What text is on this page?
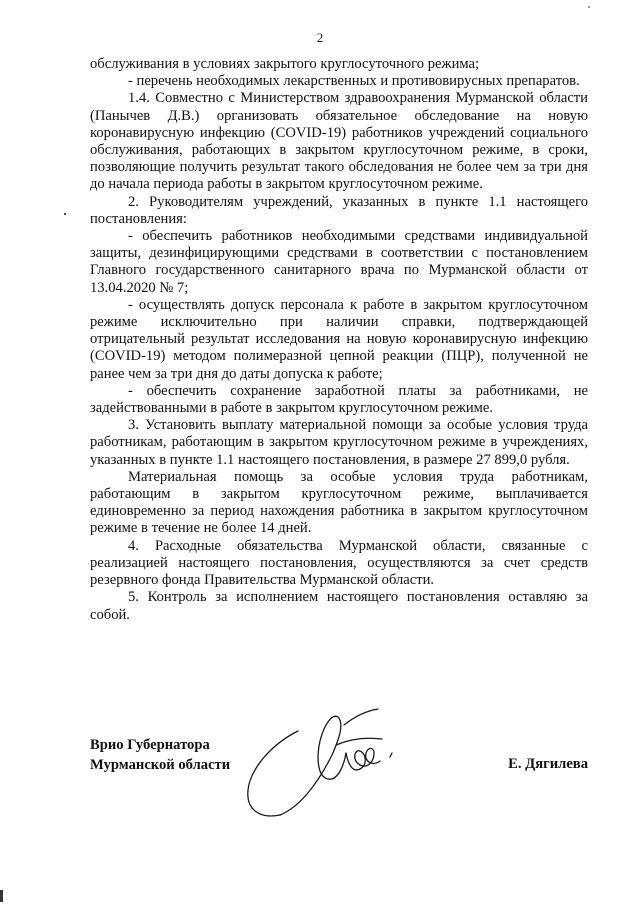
2

обслуживания в условиях закрытого круглосуточного режима;

- перечень необходимых лекарственных и противовирусных препаратов.

1.4. Совместно с Министерством здравоохранения Мурманской области (Панычев Д.В.) организовать обязательное обследование на новую коронавирусную инфекцию (COVID-19) работников учреждений социального обслуживания, работающих в закрытом круглосуточном режиме, в сроки, позволяющие получить результат такого обследования не более чем за три дня до начала периода работы в закрытом круглосуточном режиме.

2. Руководителям учреждений, указанных в пункте 1.1 настоящего постановления:

- обеспечить работников необходимыми средствами индивидуальной защиты, дезинфицирующими средствами в соответствии с постановлением Главного государственного санитарного врача по Мурманской области от 13.04.2020 № 7;

- осуществлять допуск персонала к работе в закрытом круглосуточном режиме исключительно при наличии справки, подтверждающей отрицательный результат исследования на новую коронавирусную инфекцию (COVID-19) методом полимеразной цепной реакции (ПЦР), полученной не ранее чем за три дня до даты допуска к работе;

- обеспечить сохранение заработной платы за работниками, не задействованными в работе в закрытом круглосуточном режиме.

3. Установить выплату материальной помощи за особые условия труда работникам, работающим в закрытом круглосуточном режиме в учреждениях, указанных в пункте 1.1 настоящего постановления, в размере 27 899,0 рубля.

Материальная помощь за особые условия труда работникам, работающим в закрытом круглосуточном режиме, выплачивается единовременно за период нахождения работника в закрытом круглосуточном режиме в течение не более 14 дней.

4. Расходные обязательства Мурманской области, связанные с реализацией настоящего постановления, осуществляются за счет средств резервного фонда Правительства Мурманской области.

5. Контроль за исполнением настоящего постановления оставляю за собой.

Врио Губернатора
Мурманской области	Е. Дягилева
